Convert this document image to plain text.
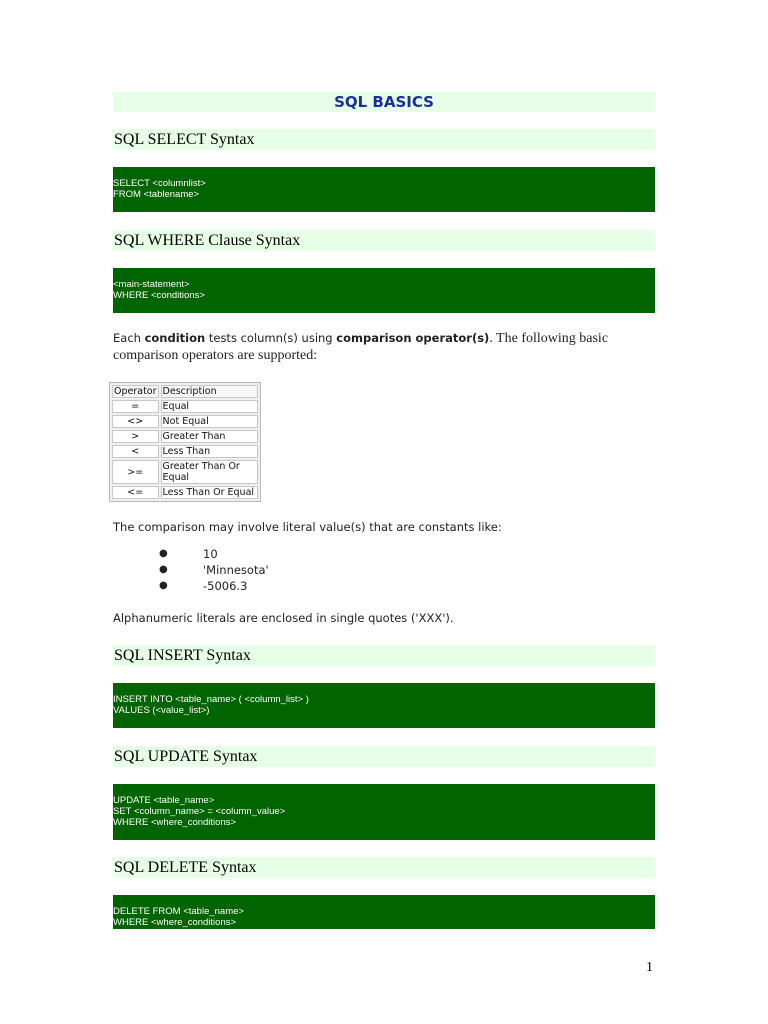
SQL BASICS
SQL SELECT Syntax
SELECT <columnlist>
FROM <tablename>
SQL WHERE Clause Syntax
<main-statement>
WHERE <conditions>
Each condition tests column(s) using comparison operator(s). The following basic
comparison operators are supported:
Operator	Description
=	Equal
<>	Not Equal
>	Greater Than
<	Less Than
>=	Greater Than Or Equal
<=	Less Than Or Equal
The comparison may involve literal value(s) that are constants like:
●	10
●	'Minnesota'
●	-5006.3
Alphanumeric literals are enclosed in single quotes ('XXX').
SQL INSERT Syntax
INSERT INTO <table_name> ( <column_list> )
VALUES (<value_list>)
SQL UPDATE Syntax
UPDATE <table_name>
SET <column_name> = <column_value>
WHERE <where_conditions>
SQL DELETE Syntax
DELETE FROM <table_name>
WHERE <where_conditions>
1
